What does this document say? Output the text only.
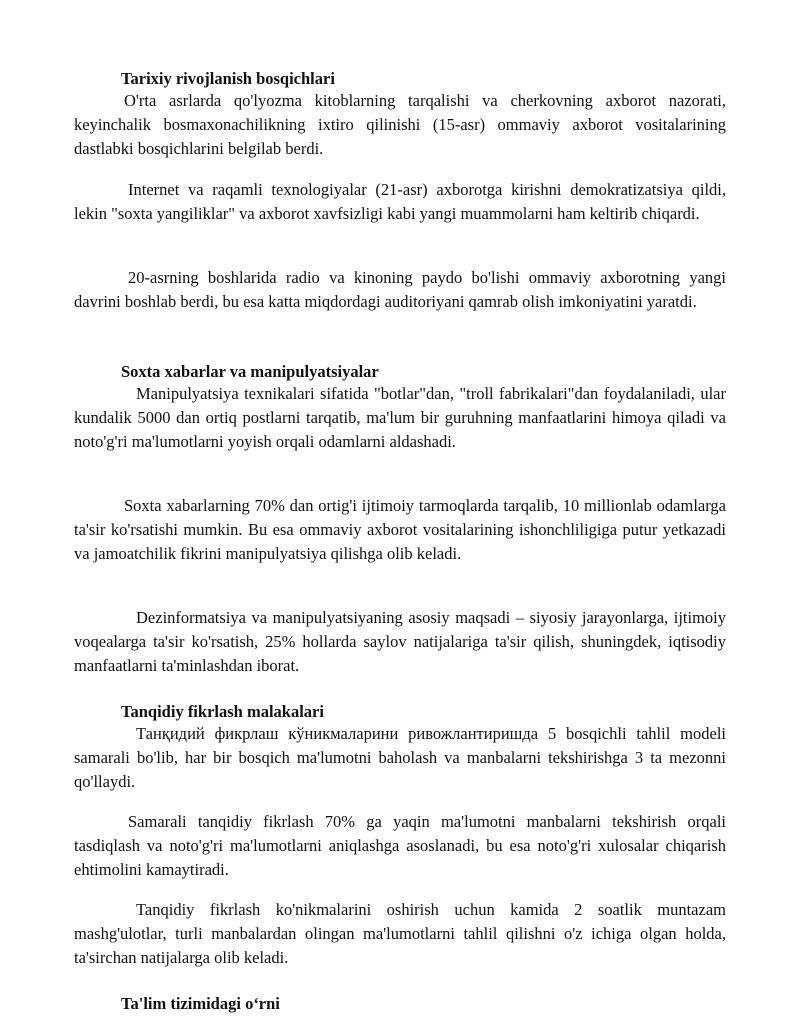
Tarixiy rivojlanish bosqichlari

O'rta asrlarda qo'lyozma kitoblarning tarqalishi va cherkovning axborot nazorati, keyinchalik bosmaxonachilikning ixtiro qilinishi (15-asr) ommaviy axborot vositalarining dastlabki bosqichlarini belgilab berdi.

Internet va raqamli texnologiyalar (21-asr) axborotga kirishni demokratizatsiya qildi, lekin "soxta yangiliklar" va axborot xavfsizligi kabi yangi muammolarni ham keltirib chiqardi.

20-asrning boshlarida radio va kinoning paydo bo'lishi ommaviy axborotning yangi davrini boshlab berdi, bu esa katta miqdordagi auditoriyani qamrab olish imkoniyatini yaratdi.

Soxta xabarlar va manipulyatsiyalar

Manipulyatsiya texnikalari sifatida "botlar"dan, "troll fabrikalari"dan foydalaniladi, ular kundalik 5000 dan ortiq postlarni tarqatib, ma'lum bir guruhning manfaatlarini himoya qiladi va noto'g'ri ma'lumotlarni yoyish orqali odamlarni aldashadi.

Soxta xabarlarning 70% dan ortig'i ijtimoiy tarmoqlarda tarqalib, 10 millionlab odamlarga ta'sir ko'rsatishi mumkin. Bu esa ommaviy axborot vositalarining ishonchliligiga putur yetkazadi va jamoatchilik fikrini manipulyatsiya qilishga olib keladi.

Dezinformatsiya va manipulyatsiyaning asosiy maqsadi – siyosiy jarayonlarga, ijtimoiy voqealarga ta'sir ko'rsatish, 25% hollarda saylov natijalariga ta'sir qilish, shuningdek, iqtisodiy manfaatlarni ta'minlashdan iborat.

Tanqidiy fikrlash malakalari

Танқидий фикрлаш кўникмаларини ривожлантиришда 5 bosqichli tahlil modeli samarali bo'lib, har bir bosqich ma'lumotni baholash va manbalarni tekshirishga 3 ta mezonni qo'llaydi.

Samarali tanqidiy fikrlash 70% ga yaqin ma'lumotni manbalarni tekshirish orqali tasdiqlash va noto'g'ri ma'lumotlarni aniqlashga asoslanadi, bu esa noto'g'ri xulosalar chiqarish ehtimolini kamaytiradi.

Tanqidiy fikrlash ko'nikmalarini oshirish uchun kamida 2 soatlik muntazam mashg'ulotlar, turli manbalardan olingan ma'lumotlarni tahlil qilishni o'z ichiga olgan holda, ta'sirchan natijalarga olib keladi.

Ta'lim tizimidagi o‘rni
